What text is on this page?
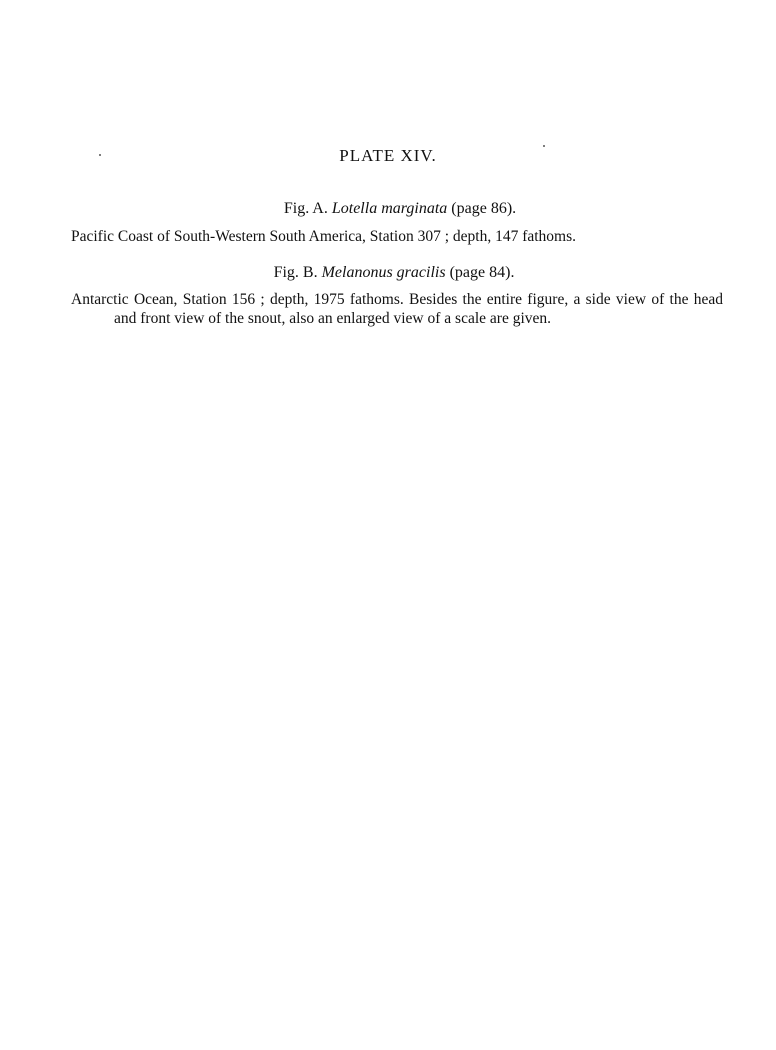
PLATE XIV.
Fig. A. Lotella marginata (page 86).
Pacific Coast of South-Western South America, Station 307 ; depth, 147 fathoms.
Fig. B. Melanonus gracilis (page 84).
Antarctic Ocean, Station 156 ; depth, 1975 fathoms. Besides the entire figure, a side view of the head and front view of the snout, also an enlarged view of a scale are given.
